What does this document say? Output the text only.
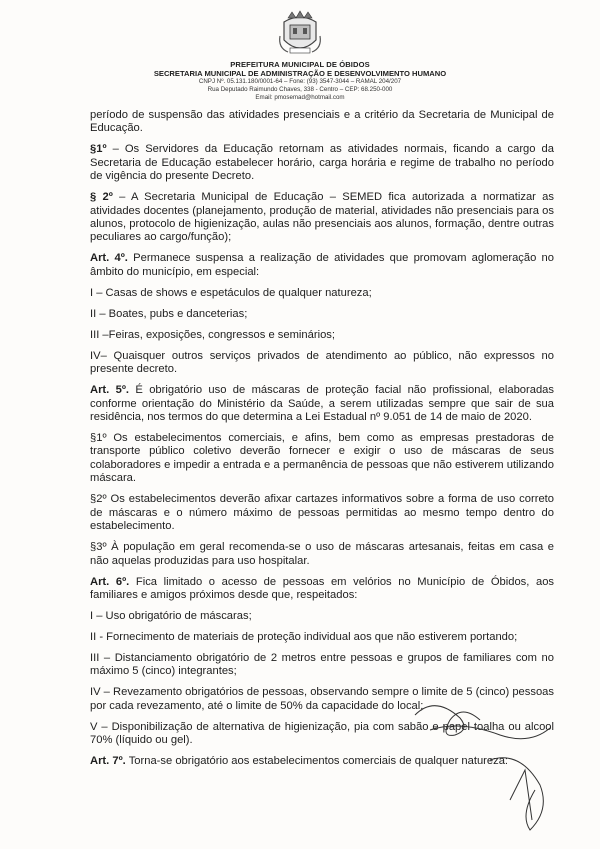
PREFEITURA MUNICIPAL DE ÓBIDOS
SECRETARIA MUNICIPAL DE ADMINISTRAÇÃO E DESENVOLVIMENTO HUMANO
CNPJ Nº. 05.131.180/0001-64 – Fone: (93) 3547-3044 – RAMAL 204/207
Rua Deputado Raimundo Chaves, 338 - Centro – CEP: 68.250-000
Email: pmosemad@hotmail.com

período de suspensão das atividades presenciais e a critério da Secretaria de Municipal de Educação.

§1º – Os Servidores da Educação retornam as atividades normais, ficando a cargo da Secretaria de Educação estabelecer horário, carga horária e regime de trabalho no período de vigência do presente Decreto.

§ 2º – A Secretaria Municipal de Educação – SEMED fica autorizada a normatizar as atividades docentes (planejamento, produção de material, atividades não presenciais para os alunos, protocolo de higienização, aulas não presenciais aos alunos, formação, dentre outras peculiares ao cargo/função);

Art. 4º. Permanece suspensa a realização de atividades que promovam aglomeração no âmbito do município, em especial:

I – Casas de shows e espetáculos de qualquer natureza;

II – Boates, pubs e danceterias;

III –Feiras, exposições, congressos e seminários;

IV– Quaisquer outros serviços privados de atendimento ao público, não expressos no presente decreto.

Art. 5º. É obrigatório uso de máscaras de proteção facial não profissional, elaboradas conforme orientação do Ministério da Saúde, a serem utilizadas sempre que sair de sua residência, nos termos do que determina a Lei Estadual nº 9.051 de 14 de maio de 2020.

§1º Os estabelecimentos comerciais, e afins, bem como as empresas prestadoras de transporte público coletivo deverão fornecer e exigir o uso de máscaras de seus colaboradores e impedir a entrada e a permanência de pessoas que não estiverem utilizando máscara.

§2º Os estabelecimentos deverão afixar cartazes informativos sobre a forma de uso correto de máscaras e o número máximo de pessoas permitidas ao mesmo tempo dentro do estabelecimento.

§3º À população em geral recomenda-se o uso de máscaras artesanais, feitas em casa e não aquelas produzidas para uso hospitalar.

Art. 6º. Fica limitado o acesso de pessoas em velórios no Município de Óbidos, aos familiares e amigos próximos desde que, respeitados:

I – Uso obrigatório de máscaras;

II - Fornecimento de materiais de proteção individual aos que não estiverem portando;

III – Distanciamento obrigatório de 2 metros entre pessoas e grupos de familiares com no máximo 5 (cinco) integrantes;

IV – Revezamento obrigatórios de pessoas, observando sempre o limite de 5 (cinco) pessoas por cada revezamento, até o limite de 50% da capacidade do local;

V – Disponibilização de alternativa de higienização, pia com sabão e papel toalha ou alcool 70% (líquido ou gel).

Art. 7º. Torna-se obrigatório aos estabelecimentos comerciais de qualquer natureza:
